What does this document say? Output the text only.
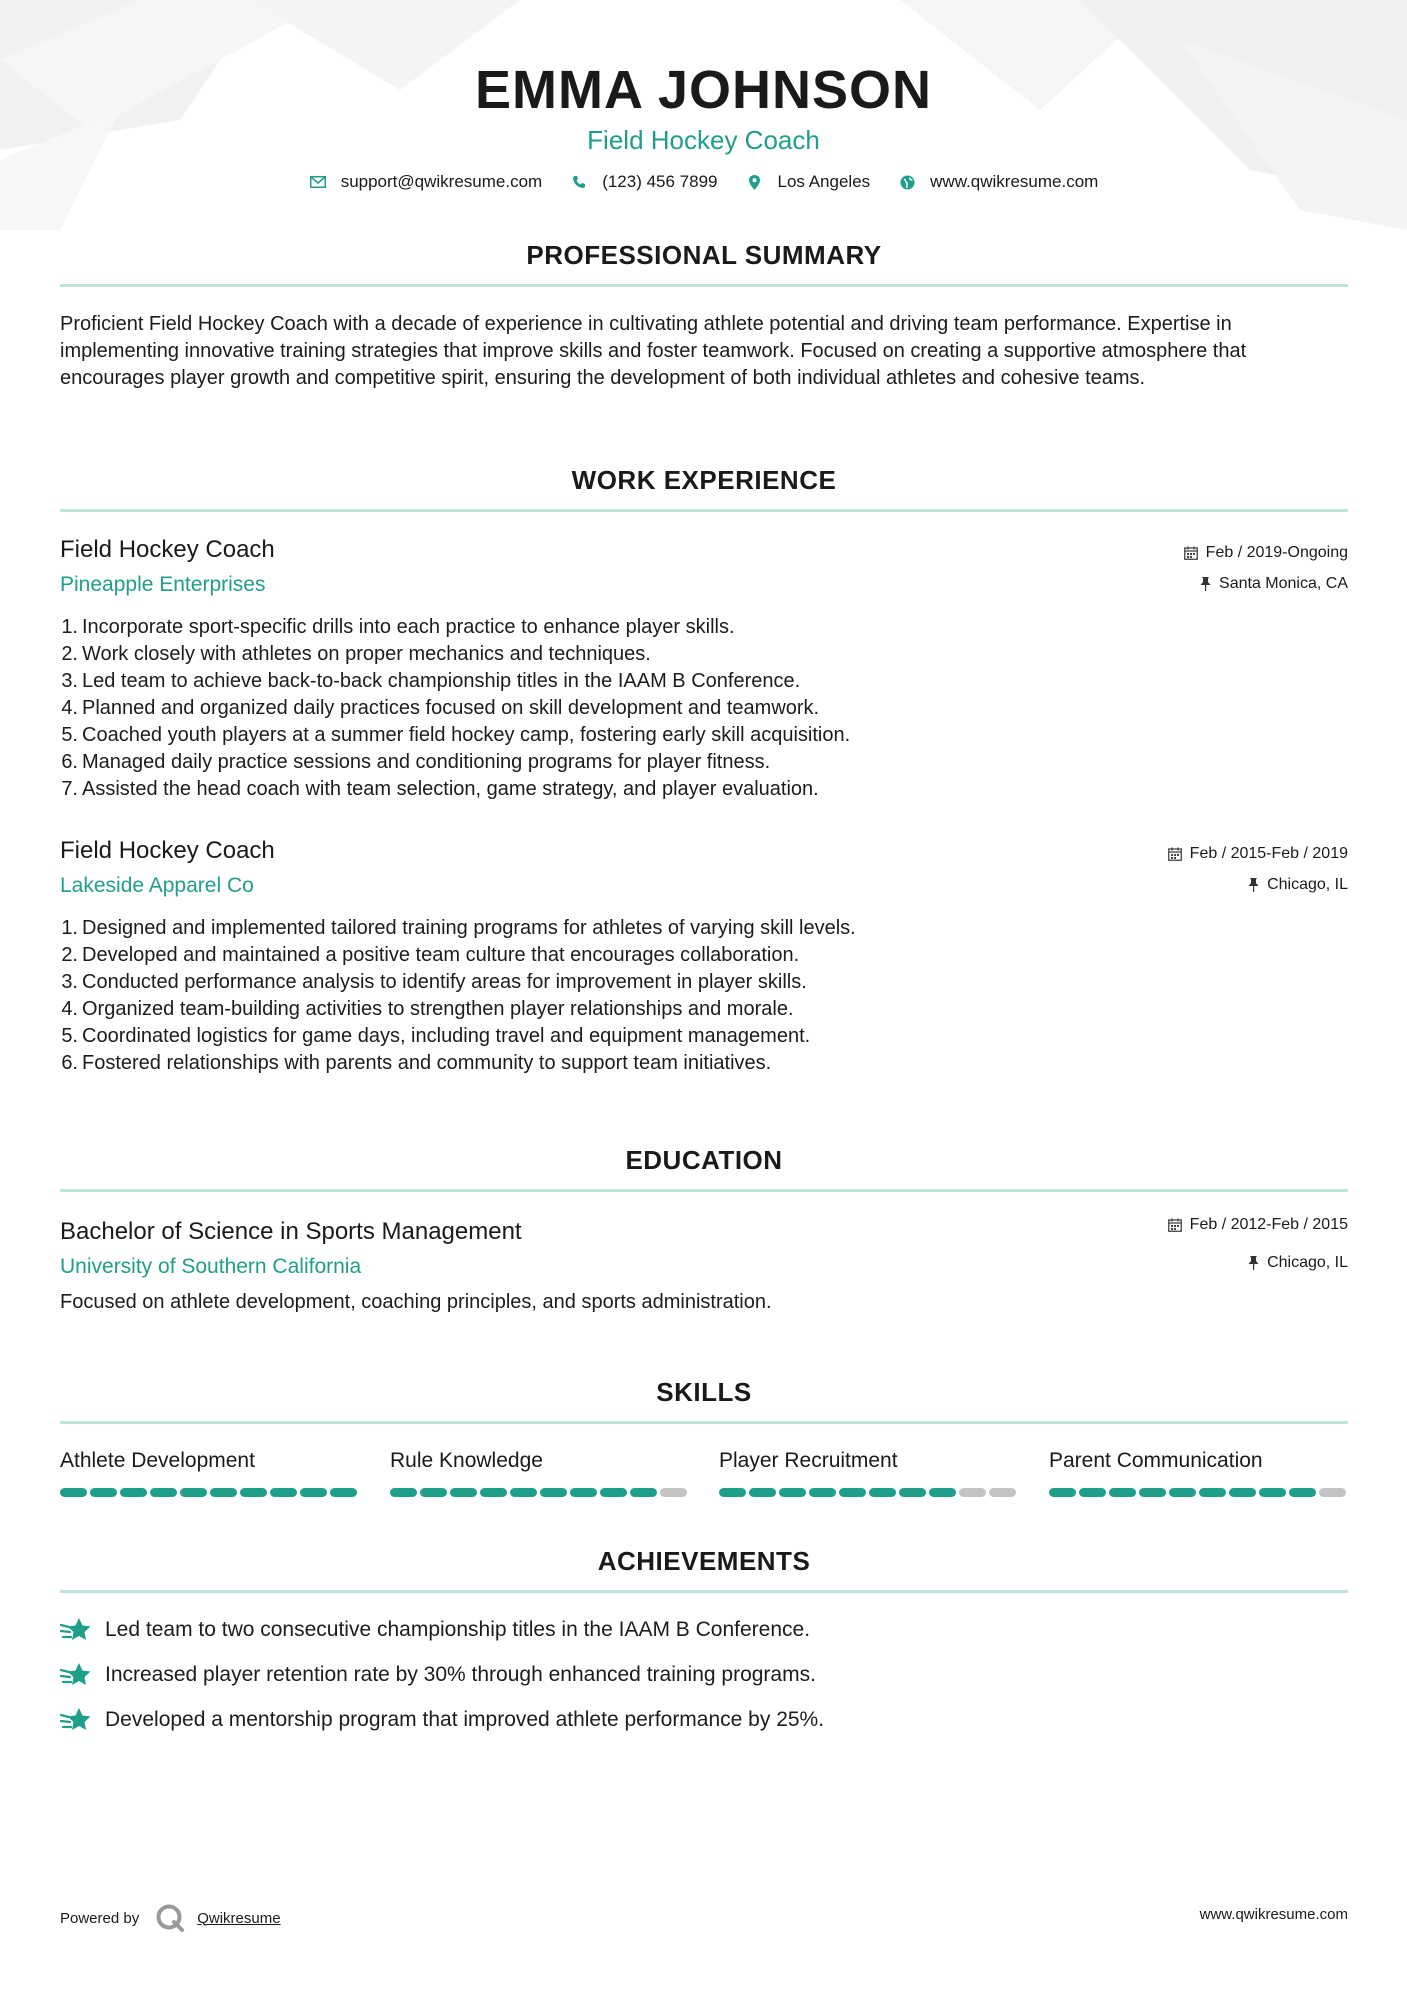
EMMA JOHNSON
Field Hockey Coach
support@qwikresume.com	(123) 456 7899	Los Angeles	www.qwikresume.com
PROFESSIONAL SUMMARY
Proficient Field Hockey Coach with a decade of experience in cultivating athlete potential and driving team performance. Expertise in implementing innovative training strategies that improve skills and foster teamwork. Focused on creating a supportive atmosphere that encourages player growth and competitive spirit, ensuring the development of both individual athletes and cohesive teams.
WORK EXPERIENCE
Field Hockey Coach
Pineapple Enterprises
Feb / 2019-Ongoing
Santa Monica, CA
1. Incorporate sport-specific drills into each practice to enhance player skills.
2. Work closely with athletes on proper mechanics and techniques.
3. Led team to achieve back-to-back championship titles in the IAAM B Conference.
4. Planned and organized daily practices focused on skill development and teamwork.
5. Coached youth players at a summer field hockey camp, fostering early skill acquisition.
6. Managed daily practice sessions and conditioning programs for player fitness.
7. Assisted the head coach with team selection, game strategy, and player evaluation.
Field Hockey Coach
Lakeside Apparel Co
Feb / 2015-Feb / 2019
Chicago, IL
1. Designed and implemented tailored training programs for athletes of varying skill levels.
2. Developed and maintained a positive team culture that encourages collaboration.
3. Conducted performance analysis to identify areas for improvement in player skills.
4. Organized team-building activities to strengthen player relationships and morale.
5. Coordinated logistics for game days, including travel and equipment management.
6. Fostered relationships with parents and community to support team initiatives.
EDUCATION
Bachelor of Science in Sports Management
University of Southern California
Feb / 2012-Feb / 2015
Chicago, IL
Focused on athlete development, coaching principles, and sports administration.
SKILLS
Athlete Development	Rule Knowledge	Player Recruitment	Parent Communication
ACHIEVEMENTS
Led team to two consecutive championship titles in the IAAM B Conference.
Increased player retention rate by 30% through enhanced training programs.
Developed a mentorship program that improved athlete performance by 25%.
Powered by	Qwikresume	www.qwikresume.com
